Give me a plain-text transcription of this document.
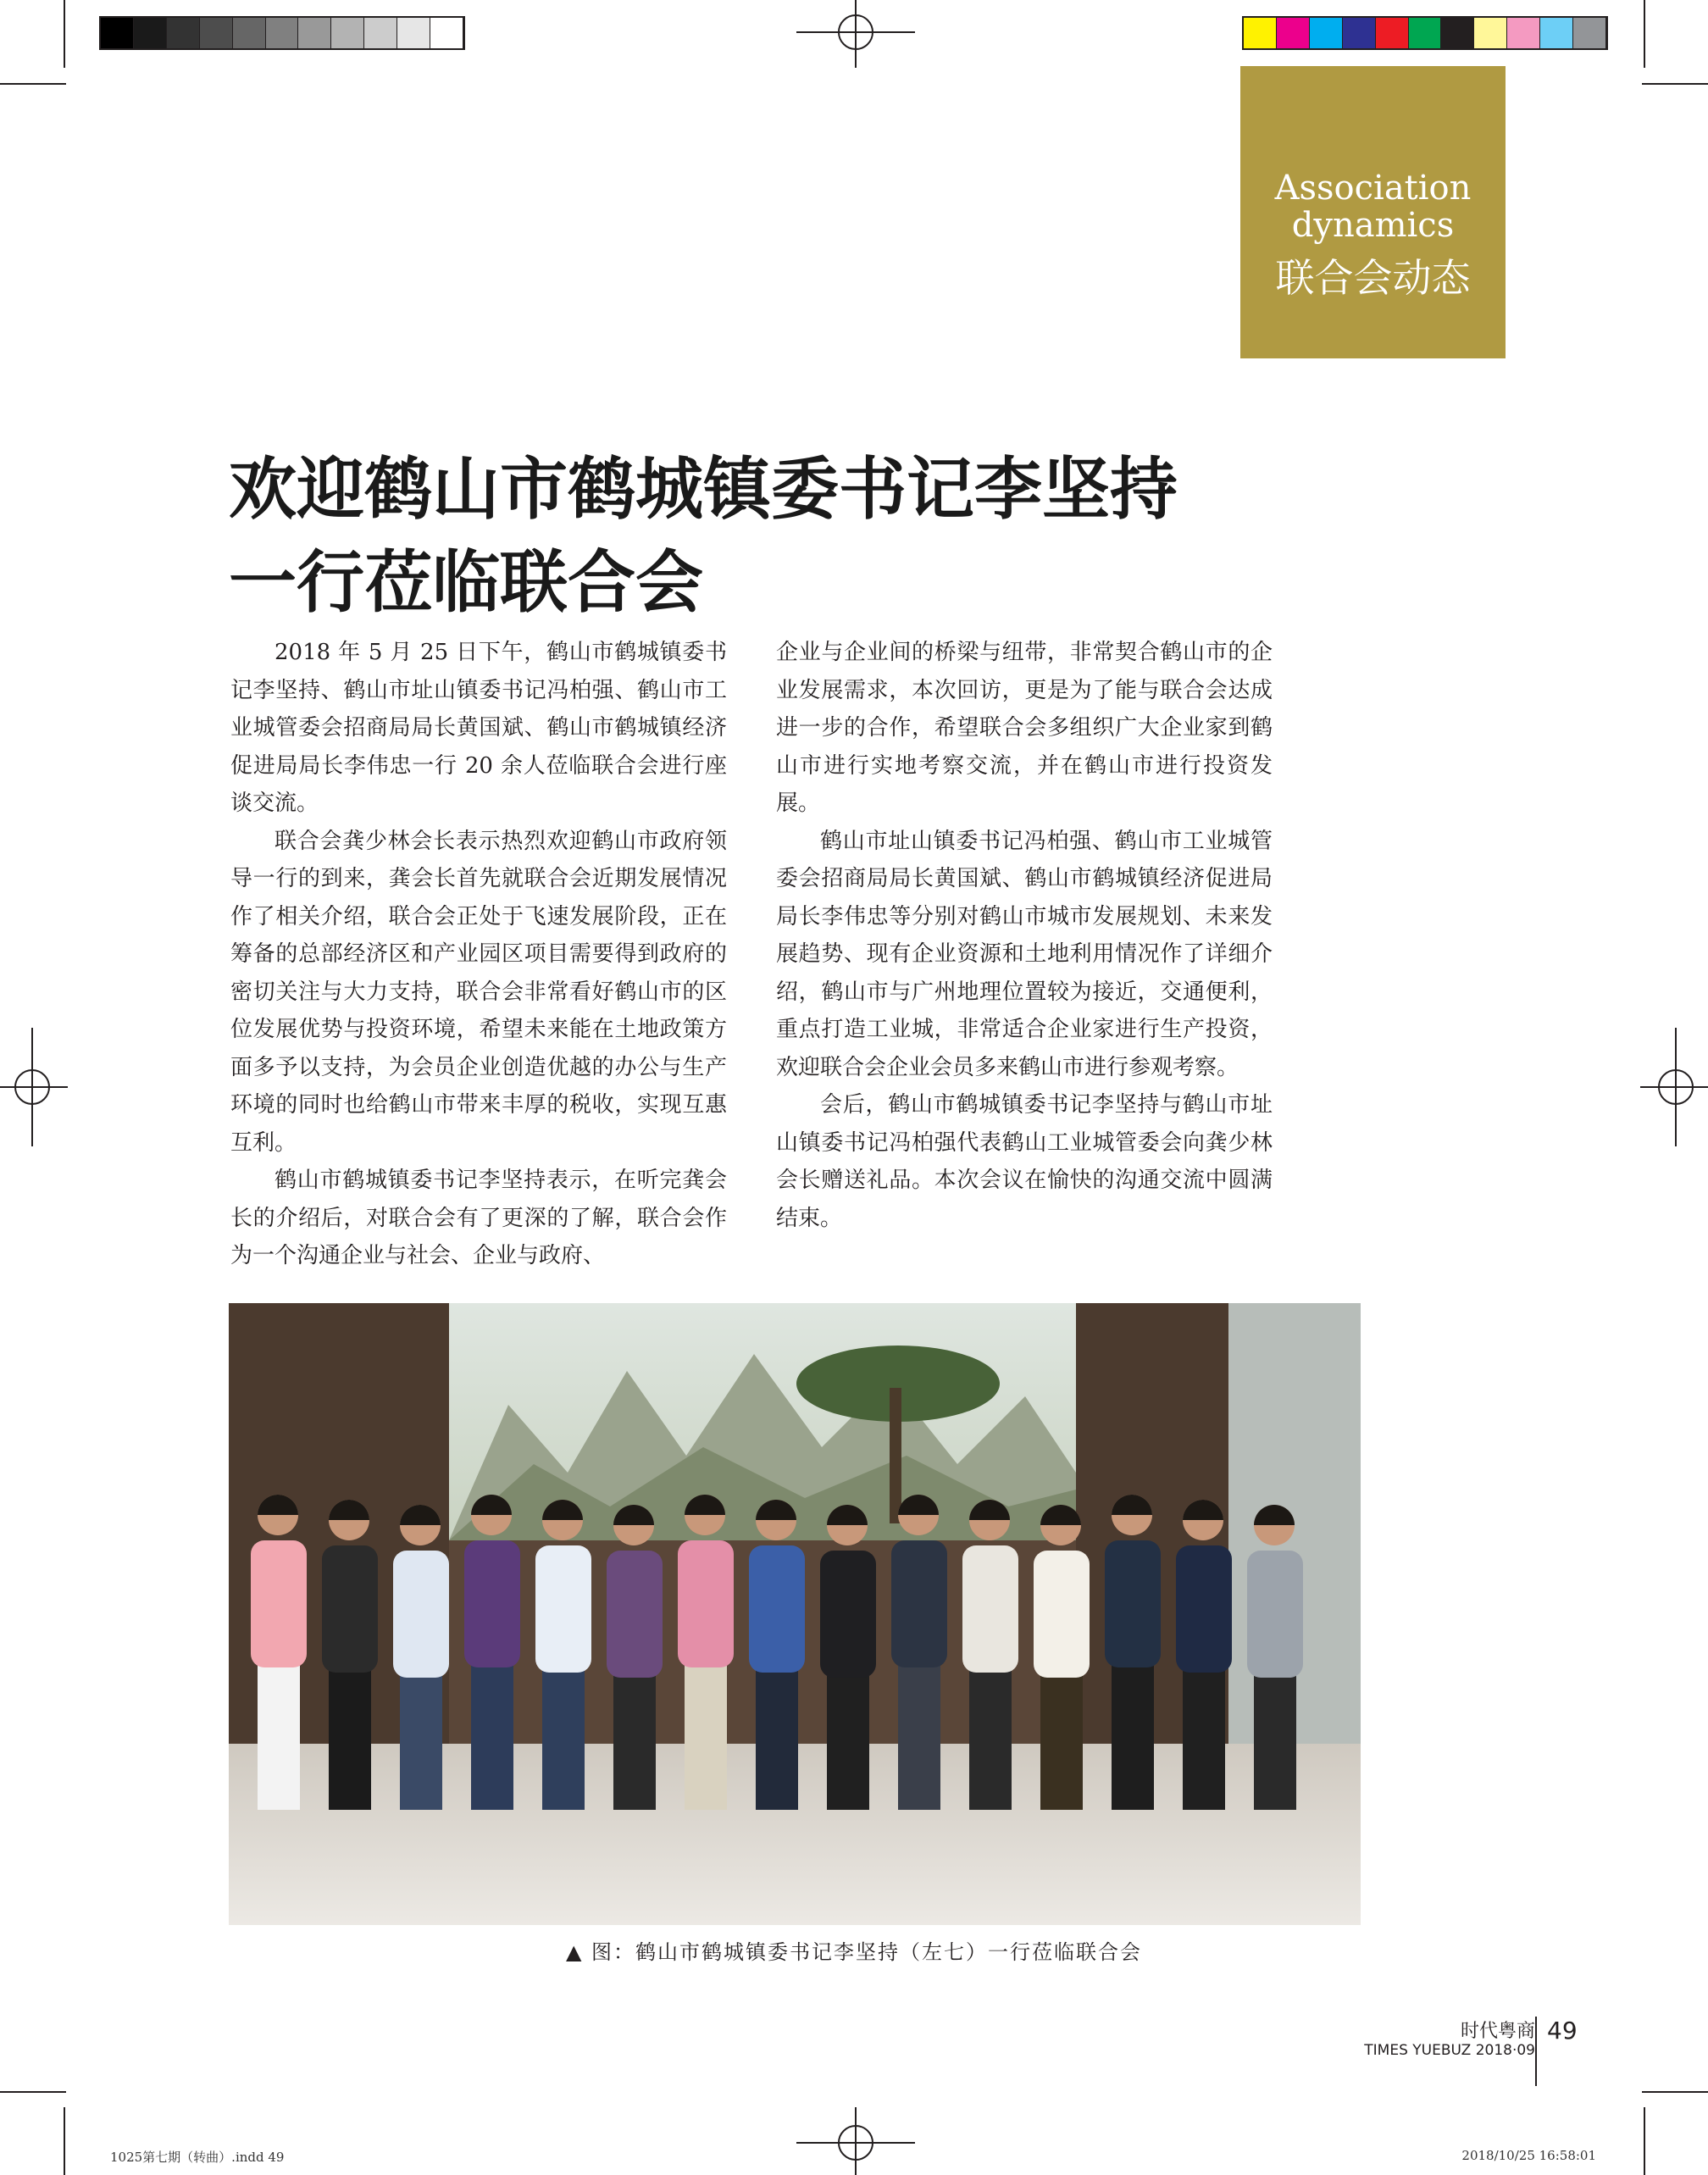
Association
dynamics
联合会动态
欢迎鹤山市鹤城镇委书记李坚持
一行莅临联合会

2018 年 5 月 25 日下午，鹤山市鹤城镇委书记李坚持、鹤山市址山镇委书记冯柏强、鹤山市工业城管委会招商局局长黄国斌、鹤山市鹤城镇经济促进局局长李伟忠一行 20 余人莅临联合会进行座谈交流。

联合会龚少林会长表示热烈欢迎鹤山市政府领导一行的到来，龚会长首先就联合会近期发展情况作了相关介绍，联合会正处于飞速发展阶段，正在筹备的总部经济区和产业园区项目需要得到政府的密切关注与大力支持，联合会非常看好鹤山市的区位发展优势与投资环境，希望未来能在土地政策方面多予以支持，为会员企业创造优越的办公与生产环境的同时也给鹤山市带来丰厚的税收，实现互惠互利。

鹤山市鹤城镇委书记李坚持表示，在听完龚会长的介绍后，对联合会有了更深的了解，联合会作为一个沟通企业与社会、企业与政府、

企业与企业间的桥梁与纽带，非常契合鹤山市的企业发展需求，本次回访，更是为了能与联合会达成进一步的合作，希望联合会多组织广大企业家到鹤山市进行实地考察交流，并在鹤山市进行投资发展。

鹤山市址山镇委书记冯柏强、鹤山市工业城管委会招商局局长黄国斌、鹤山市鹤城镇经济促进局局长李伟忠等分别对鹤山市城市发展规划、未来发展趋势、现有企业资源和土地利用情况作了详细介绍，鹤山市与广州地理位置较为接近，交通便利，重点打造工业城，非常适合企业家进行生产投资，欢迎联合会企业会员多来鹤山市进行参观考察。

会后，鹤山市鹤城镇委书记李坚持与鹤山市址山镇委书记冯柏强代表鹤山工业城管委会向龚少林会长赠送礼品。本次会议在愉快的沟通交流中圆满结束。

▲ 图：鹤山市鹤城镇委书记李坚持（左七）一行莅临联合会
时代粤商
TIMES YUEBUZ 2018·09
49
1025第七期（转曲）.indd 49	2018/10/25 16:58:01
